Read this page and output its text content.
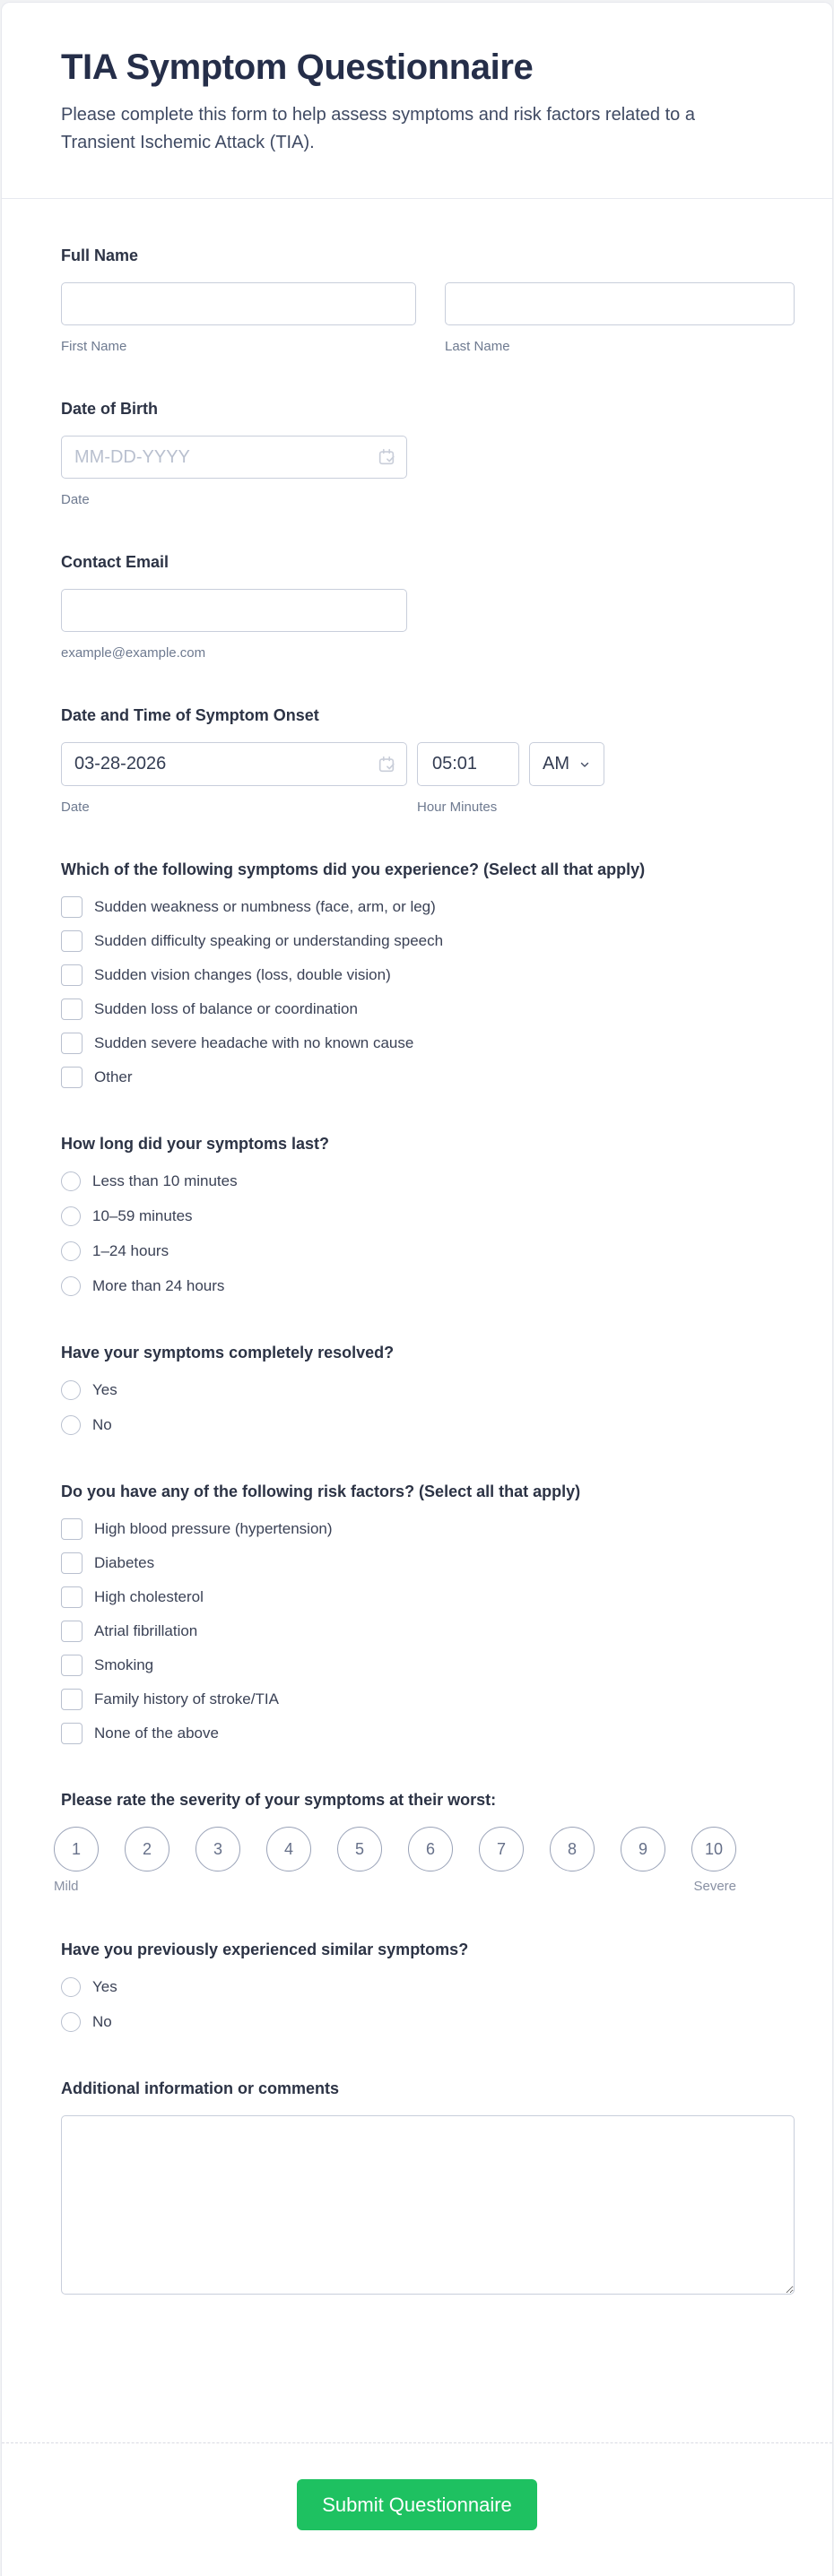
TIA Symptom Questionnaire

Please complete this form to help assess symptoms and risk factors related to a Transient Ischemic Attack (TIA).

Full Name
First Name	Last Name
Date of Birth
MM-DD-YYYY
Date
Contact Email
example@example.com
Date and Time of Symptom Onset
03-28-2026
05:01
AM
Date	Hour Minutes
Which of the following symptoms did you experience? (Select all that apply)
Sudden weakness or numbness (face, arm, or leg)
Sudden difficulty speaking or understanding speech
Sudden vision changes (loss, double vision)
Sudden loss of balance or coordination
Sudden severe headache with no known cause
Other
How long did your symptoms last?
Less than 10 minutes
10–59 minutes
1–24 hours
More than 24 hours
Have your symptoms completely resolved?
Yes
No
Do you have any of the following risk factors? (Select all that apply)
High blood pressure (hypertension)
Diabetes
High cholesterol
Atrial fibrillation
Smoking
Family history of stroke/TIA
None of the above
Please rate the severity of your symptoms at their worst:
1	2	3	4	5	6	7	8	9	10
Mild	Severe
Have you previously experienced similar symptoms?
Yes
No
Additional information or comments
Submit Questionnaire
